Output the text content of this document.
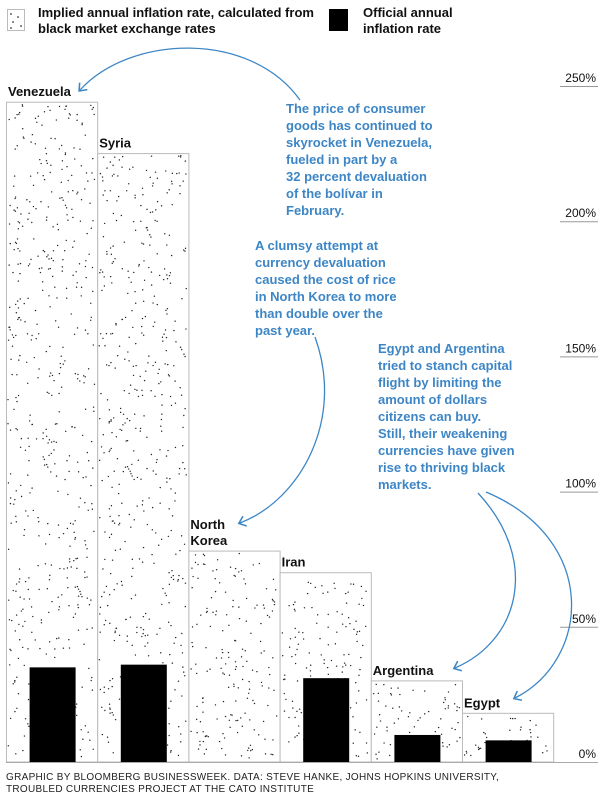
Implied annual inflation rate, calculated from
black market exchange rates
Official annual
inflation rate
Venezuela
Syria
North Korea
Iran
Argentina
Egypt
0%
50%
100%
150%
200%
250%
The price of consumer
goods has continued to
skyrocket in Venezuela,
fueled in part by a
32 percent devaluation
of the bolívar in
February.
A clumsy attempt at
currency devaluation
caused the cost of rice
in North Korea to more
than double over the
past year.
Egypt and Argentina
tried to stanch capital
flight by limiting the
amount of dollars
citizens can buy.
Still, their weakening
currencies have given
rise to thriving black
markets.
GRAPHIC BY BLOOMBERG BUSINESSWEEK. DATA: STEVE HANKE, JOHNS HOPKINS UNIVERSITY,
TROUBLED CURRENCIES PROJECT AT THE CATO INSTITUTE
